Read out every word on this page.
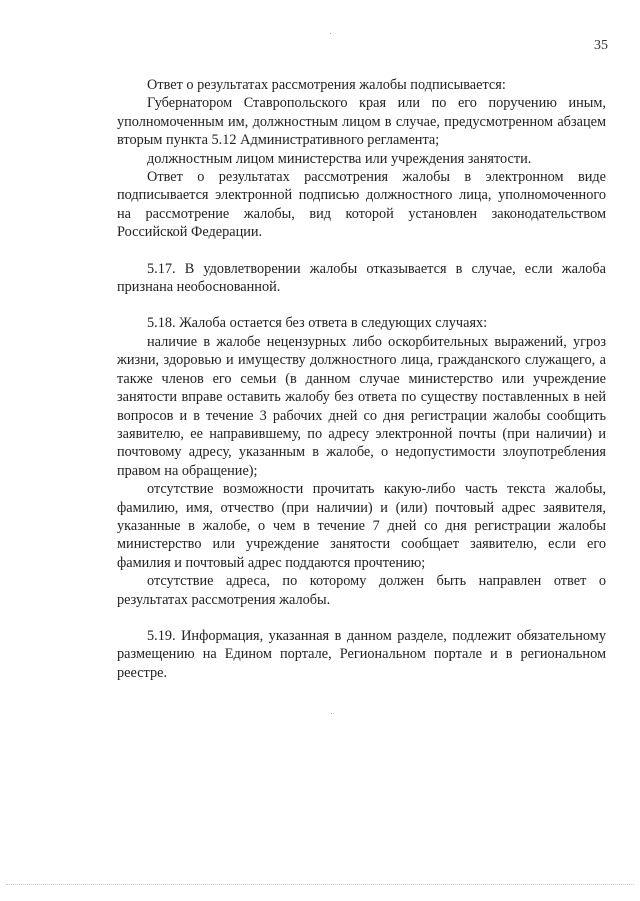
35

Ответ о результатах рассмотрения жалобы подписывается:

Губернатором Ставропольского края или по его поручению иным, уполномоченным им, должностным лицом в случае, предусмотренном абзацем вторым пункта 5.12 Административного регламента;

должностным лицом министерства или учреждения занятости.

Ответ о результатах рассмотрения жалобы в электронном виде подписывается электронной подписью должностного лица, уполномоченного на рассмотрение жалобы, вид которой установлен законодательством Российской Федерации.

5.17. В удовлетворении жалобы отказывается в случае, если жалоба признана необоснованной.

5.18. Жалоба остается без ответа в следующих случаях:

наличие в жалобе нецензурных либо оскорбительных выражений, угроз жизни, здоровью и имуществу должностного лица, гражданского служащего, а также членов его семьи (в данном случае министерство или учреждение занятости вправе оставить жалобу без ответа по существу поставленных в ней вопросов и в течение 3 рабочих дней со дня регистрации жалобы сообщить заявителю, ее направившему, по адресу электронной почты (при наличии) и почтовому адресу, указанным в жалобе, о недопустимости злоупотребления правом на обращение);

отсутствие возможности прочитать какую-либо часть текста жалобы, фамилию, имя, отчество (при наличии) и (или) почтовый адрес заявителя, указанные в жалобе, о чем в течение 7 дней со дня регистрации жалобы министерство или учреждение занятости сообщает заявителю, если его фамилия и почтовый адрес поддаются прочтению;

отсутствие адреса, по которому должен быть направлен ответ о результатах рассмотрения жалобы.

5.19. Информация, указанная в данном разделе, подлежит обязательному размещению на Едином портале, Региональном портале и в региональном реестре.
